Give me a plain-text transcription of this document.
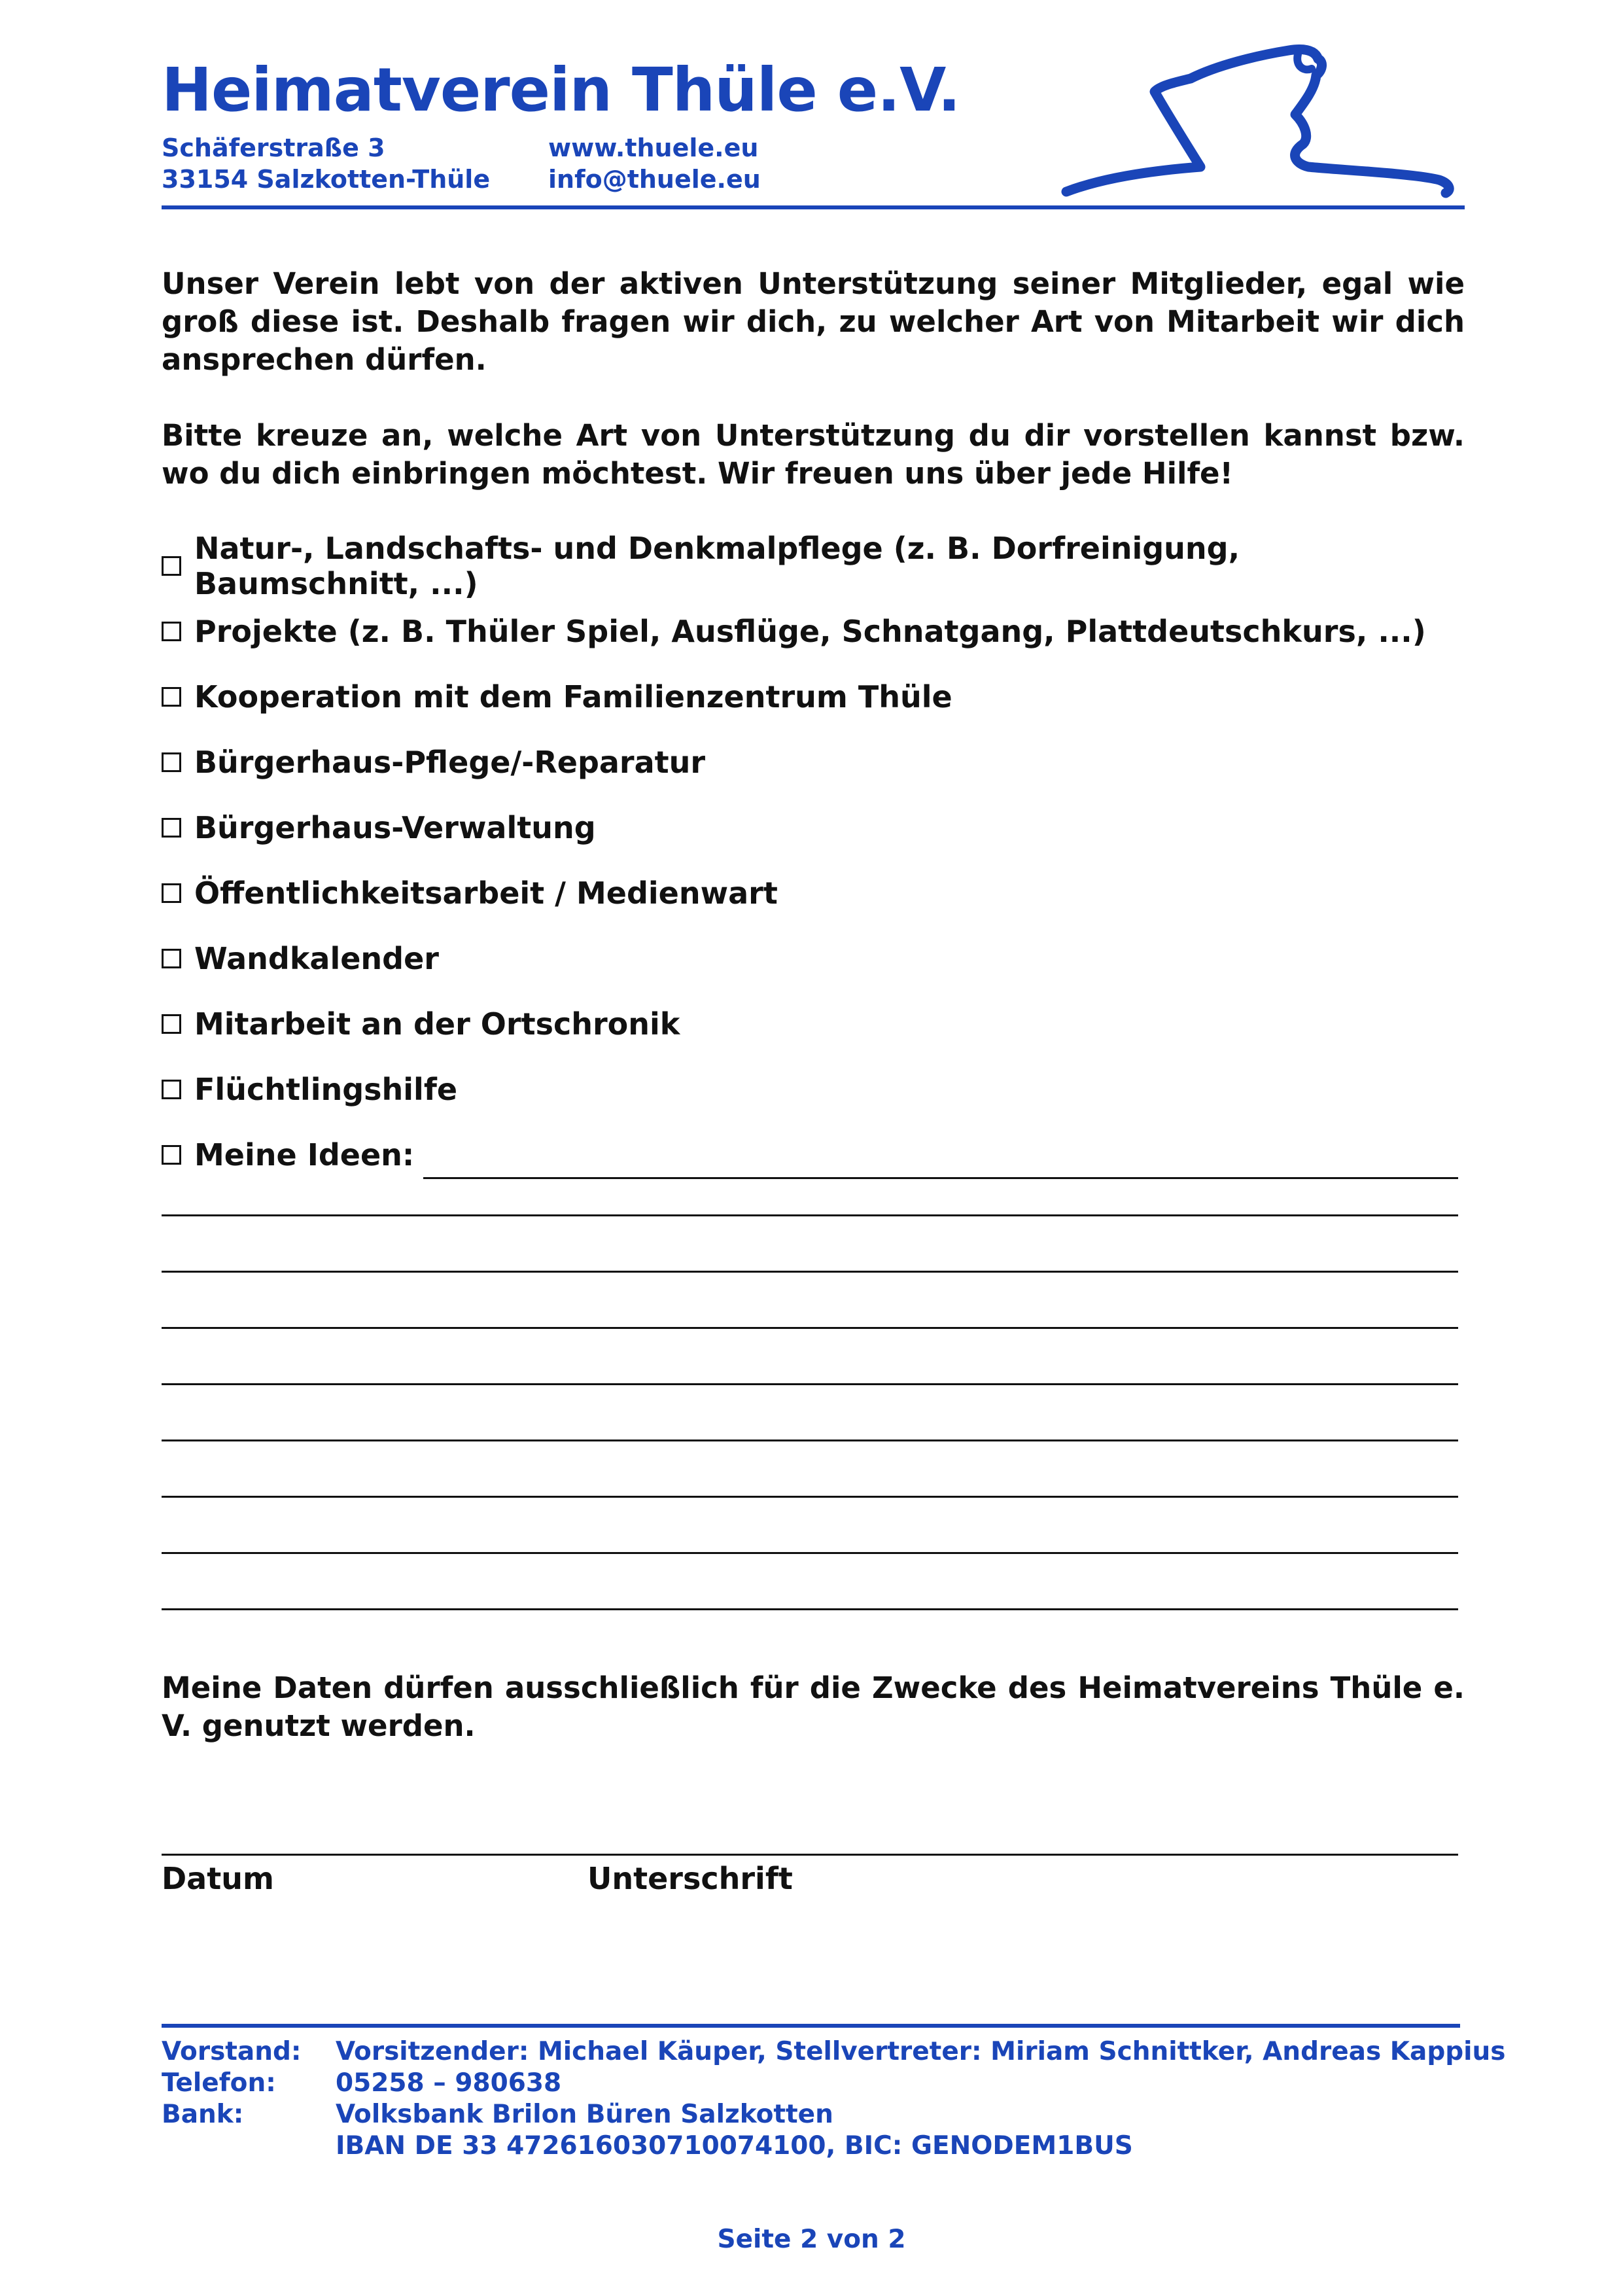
Heimatverein Thüle e.V.
Schäferstraße 3
33154 Salzkotten-Thüle
www.thuele.eu
info@thuele.eu

Unser Verein lebt von der aktiven Unterstützung seiner Mitglieder, egal wie groß diese ist. Deshalb fragen wir dich, zu welcher Art von Mitarbeit wir dich ansprechen dürfen.

Bitte kreuze an, welche Art von Unterstützung du dir vorstellen kannst bzw. wo du dich einbringen möchtest. Wir freuen uns über jede Hilfe!

Natur-, Landschafts- und Denkmalpflege (z. B. Dorfreinigung, Baumschnitt, ...)
Projekte (z. B. Thüler Spiel, Ausflüge, Schnatgang, Plattdeutschkurs, ...)
Kooperation mit dem Familienzentrum Thüle
Bürgerhaus-Pflege/-Reparatur
Bürgerhaus-Verwaltung
Öffentlichkeitsarbeit / Medienwart
Wandkalender
Mitarbeit an der Ortschronik
Flüchtlingshilfe
Meine Ideen:

Meine Daten dürfen ausschließlich für die Zwecke des Heimatvereins Thüle e. V. genutzt werden.

Datum	Unterschrift
Vorstand:	Vorsitzender: Michael Käuper, Stellvertreter: Miriam Schnittker, Andreas Kappius
Telefon:	05258 – 980638
Bank:	Volksbank Brilon Büren Salzkotten
IBAN DE 33 472616030710074100, BIC: GENODEM1BUS
Seite 2 von 2
